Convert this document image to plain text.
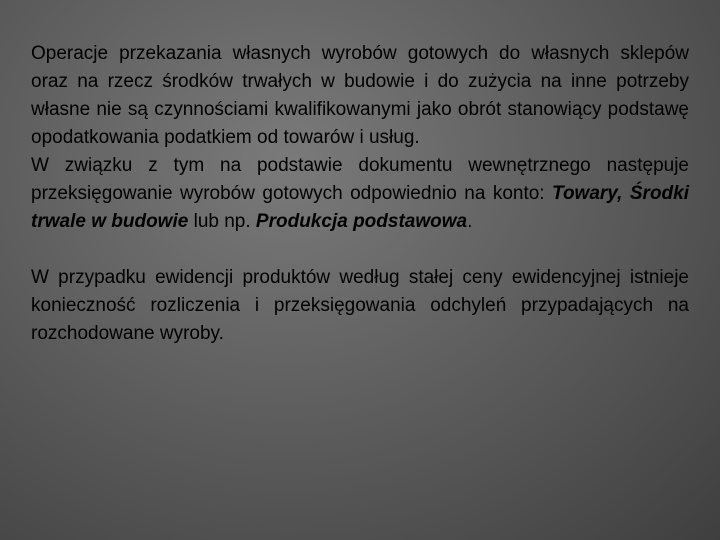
Operacje przekazania własnych wyrobów gotowych do własnych sklepów oraz na rzecz środków trwałych w budowie i do zużycia na inne potrzeby własne nie są czynnościami kwalifikowanymi jako obrót stanowiący podstawę opodatkowania podatkiem od towarów i usług.
W związku z tym na podstawie dokumentu wewnętrznego następuje przeksięgowanie wyrobów gotowych odpowiednio na konto: Towary, Środki trwale w budowie lub np. Produkcja podstawowa.

W przypadku ewidencji produktów według stałej ceny ewidencyjnej istnieje konieczność rozliczenia i przeksięgowania odchyleń przypadających na rozchodowane wyroby.
